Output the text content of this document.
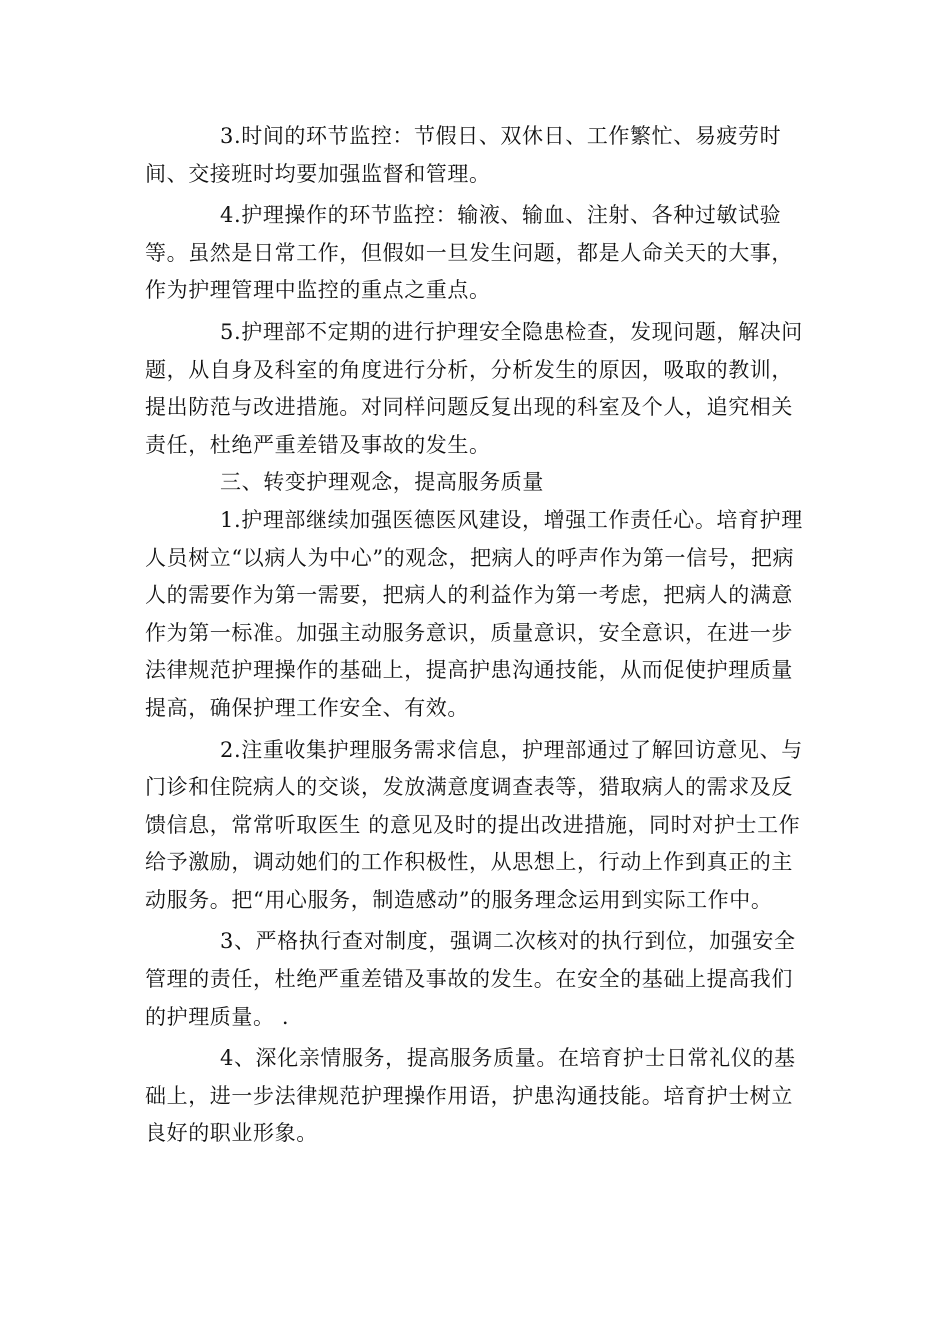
3.时间的环节监控：节假日、双休日、工作繁忙、易疲劳时间、交接班时均要加强监督和管理。

4.护理操作的环节监控：输液、输血、注射、各种过敏试验等。虽然是日常工作，但假如一旦发生问题，都是人命关天的大事，作为护理管理中监控的重点之重点。

5.护理部不定期的进行护理安全隐患检查，发现问题，解决问题，从自身及科室的角度进行分析，分析发生的原因，吸取的教训，提出防范与改进措施。对同样问题反复出现的科室及个人，追究相关责任，杜绝严重差错及事故的发生。

三、转变护理观念，提高服务质量

1.护理部继续加强医德医风建设，增强工作责任心。培育护理人员树立“以病人为中心”的观念，把病人的呼声作为第一信号，把病人的需要作为第一需要，把病人的利益作为第一考虑，把病人的满意作为第一标准。加强主动服务意识，质量意识，安全意识，在进一步法律规范护理操作的基础上，提高护患沟通技能，从而促使护理质量提高，确保护理工作安全、有效。

2.注重收集护理服务需求信息，护理部通过了解回访意见、与门诊和住院病人的交谈，发放满意度调查表等，猎取病人的需求及反馈信息，常常听取医生 的意见及时的提出改进措施，同时对护士工作给予激励，调动她们的工作积极性，从思想上，行动上作到真正的主动服务。把“用心服务，制造感动”的服务理念运用到实际工作中。

3、严格执行查对制度，强调二次核对的执行到位，加强安全管理的责任，杜绝严重差错及事故的发生。在安全的基础上提高我们的护理质量。 .

4、深化亲情服务，提高服务质量。在培育护士日常礼仪的基础上，进一步法律规范护理操作用语，护患沟通技能。培育护士树立良好的职业形象。
